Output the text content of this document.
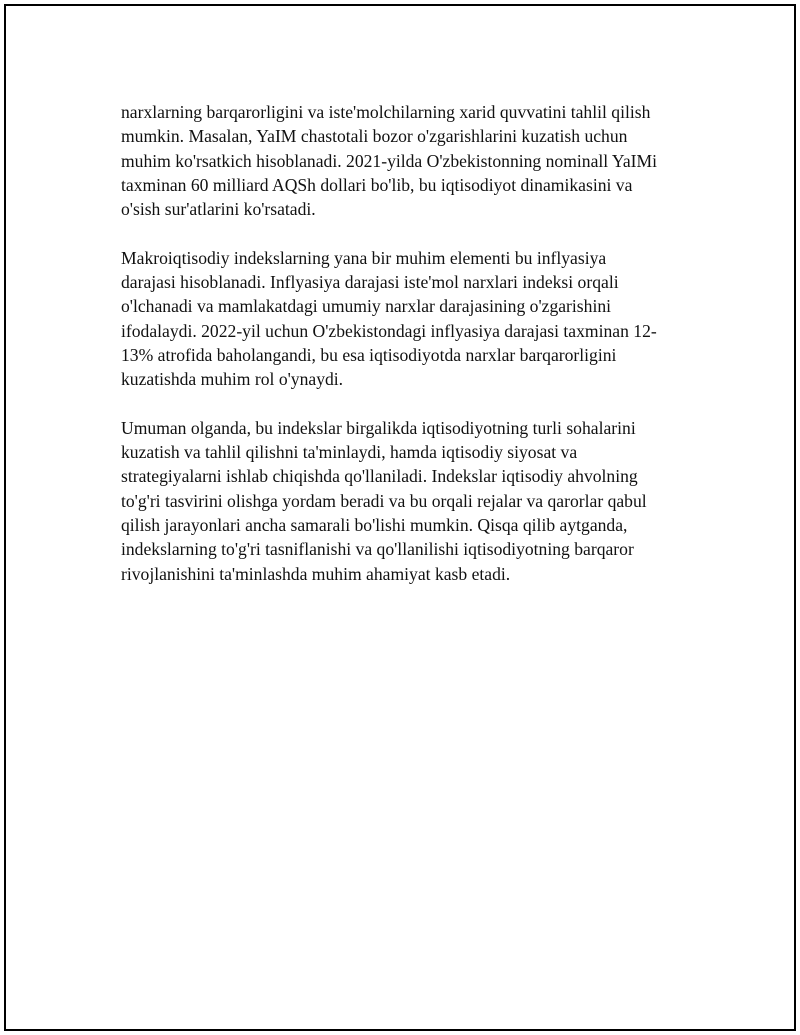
narxlarning barqarorligini va iste'molchilarning xarid quvvatini tahlil qilish
mumkin. Masalan, YaIM chastotali bozor o'zgarishlarini kuzatish uchun
muhim ko'rsatkich hisoblanadi. 2021-yilda O'zbekistonning nominall YaIMi
taxminan 60 milliard AQSh dollari bo'lib, bu iqtisodiyot dinamikasini va
o'sish sur'atlarini ko'rsatadi.

Makroiqtisodiy indekslarning yana bir muhim elementi bu inflyasiya
darajasi hisoblanadi. Inflyasiya darajasi iste'mol narxlari indeksi orqali
o'lchanadi va mamlakatdagi umumiy narxlar darajasining o'zgarishini
ifodalaydi. 2022-yil uchun O'zbekistondagi inflyasiya darajasi taxminan 12-
13% atrofida baholangandi, bu esa iqtisodiyotda narxlar barqarorligini
kuzatishda muhim rol o'ynaydi.

Umuman olganda, bu indekslar birgalikda iqtisodiyotning turli sohalarini
kuzatish va tahlil qilishni ta'minlaydi, hamda iqtisodiy siyosat va
strategiyalarni ishlab chiqishda qo'llaniladi. Indekslar iqtisodiy ahvolning
to'g'ri tasvirini olishga yordam beradi va bu orqali rejalar va qarorlar qabul
qilish jarayonlari ancha samarali bo'lishi mumkin. Qisqa qilib aytganda,
indekslarning to'g'ri tasniflanishi va qo'llanilishi iqtisodiyotning barqaror
rivojlanishini ta'minlashda muhim ahamiyat kasb etadi.
